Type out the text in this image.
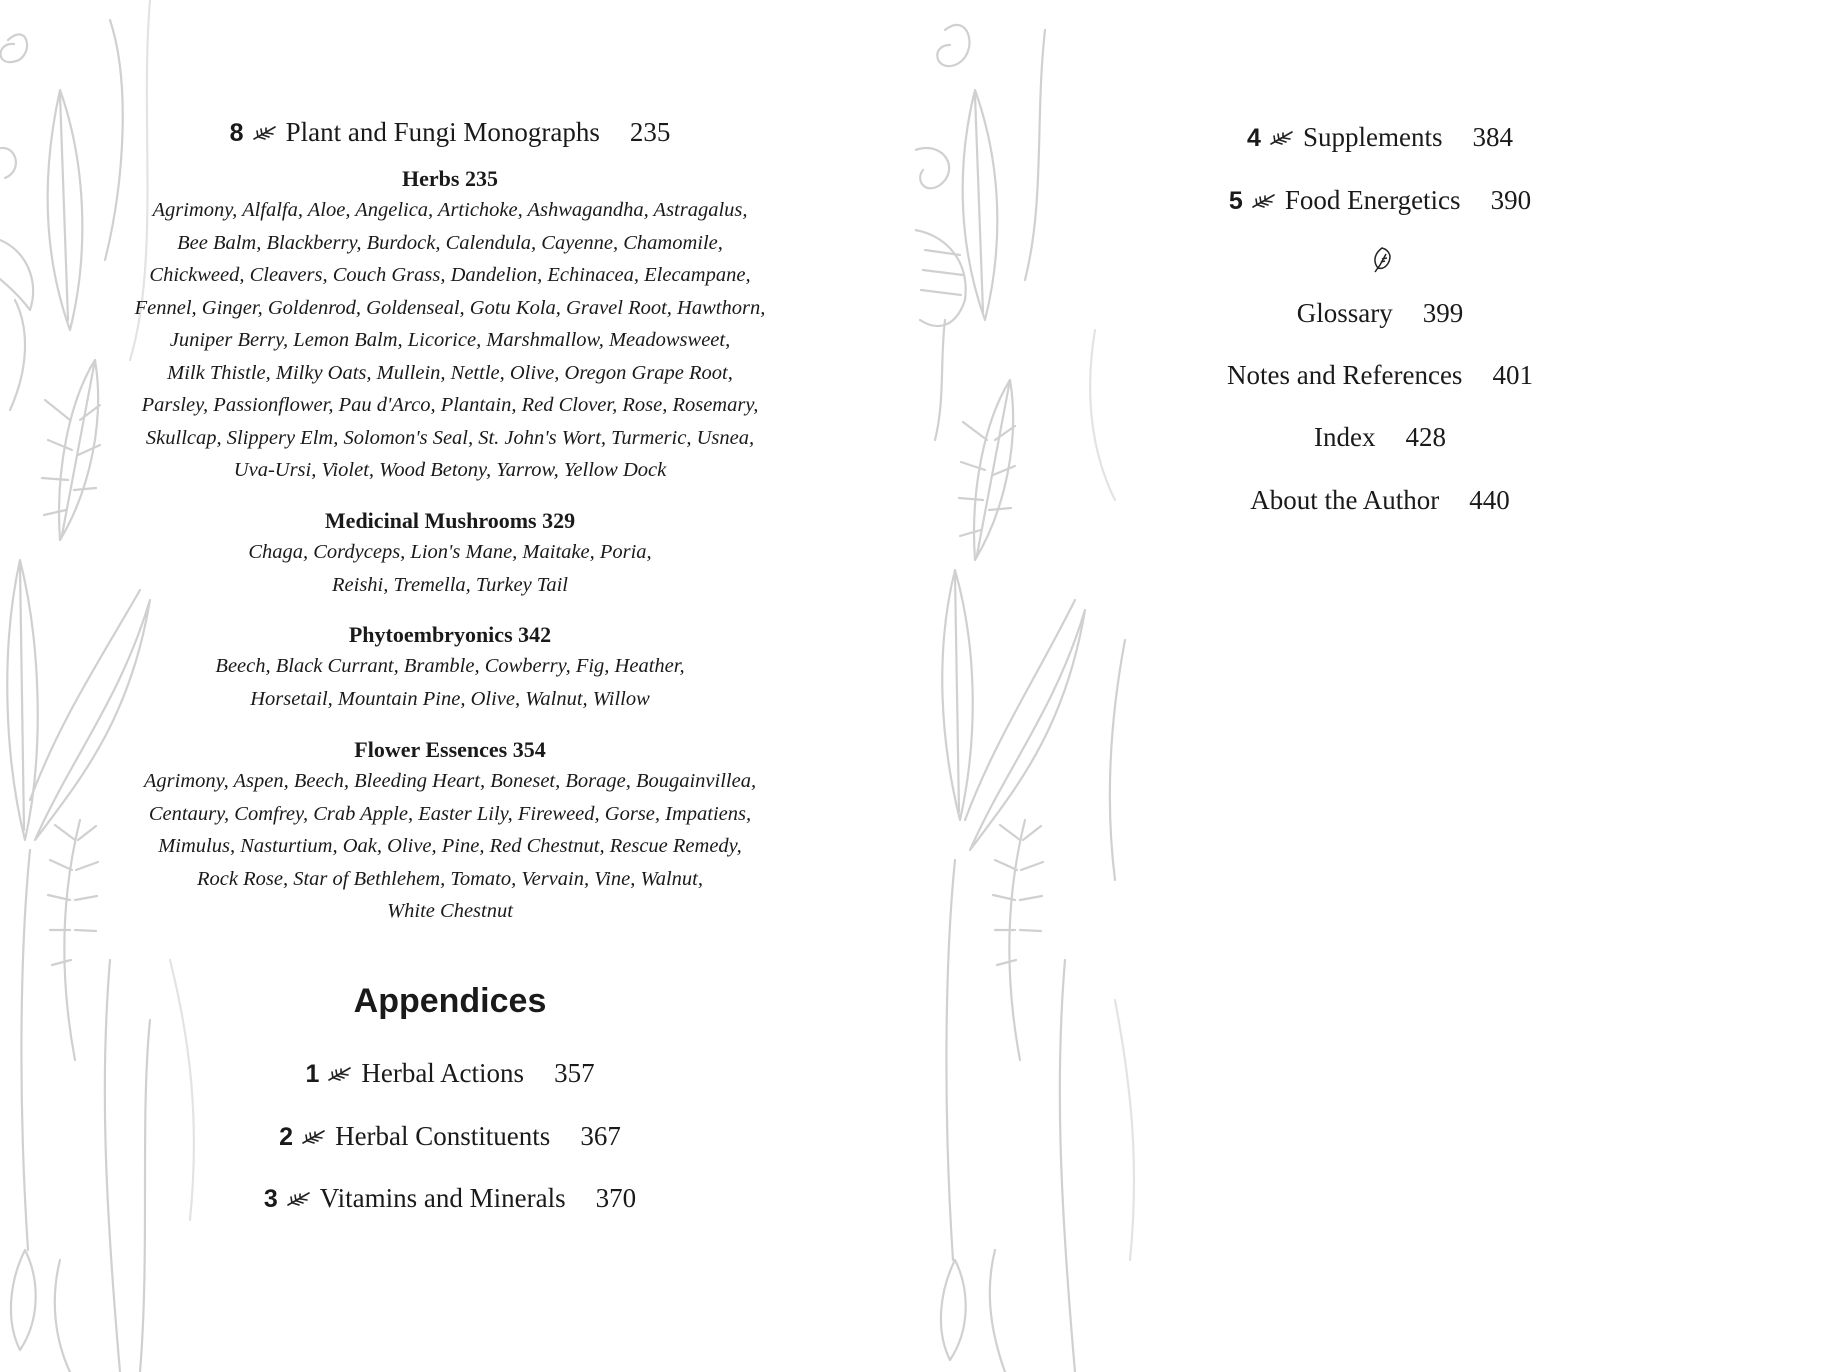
8 Plant and Fungi Monographs 235
Herbs 235

Agrimony, Alfalfa, Aloe, Angelica, Artichoke, Ashwagandha, Astragalus,

Bee Balm, Blackberry, Burdock, Calendula, Cayenne, Chamomile,

Chickweed, Cleavers, Couch Grass, Dandelion, Echinacea, Elecampane,

Fennel, Ginger, Goldenrod, Goldenseal, Gotu Kola, Gravel Root, Hawthorn,

Juniper Berry, Lemon Balm, Licorice, Marshmallow, Meadowsweet,

Milk Thistle, Milky Oats, Mullein, Nettle, Olive, Oregon Grape Root,

Parsley, Passionflower, Pau d'Arco, Plantain, Red Clover, Rose, Rosemary,

Skullcap, Slippery Elm, Solomon's Seal, St. John's Wort, Turmeric, Usnea,

Uva-Ursi, Violet, Wood Betony, Yarrow, Yellow Dock

Medicinal Mushrooms 329

Chaga, Cordyceps, Lion's Mane, Maitake, Poria,

Reishi, Tremella, Turkey Tail

Phytoembryonics 342

Beech, Black Currant, Bramble, Cowberry, Fig, Heather,

Horsetail, Mountain Pine, Olive, Walnut, Willow

Flower Essences 354

Agrimony, Aspen, Beech, Bleeding Heart, Boneset, Borage, Bougainvillea,

Centaury, Comfrey, Crab Apple, Easter Lily, Fireweed, Gorse, Impatiens,

Mimulus, Nasturtium, Oak, Olive, Pine, Red Chestnut, Rescue Remedy,

Rock Rose, Star of Bethlehem, Tomato, Vervain, Vine, Walnut,

White Chestnut

Appendices
1 Herbal Actions 357
2 Herbal Constituents 367
3 Vitamins and Minerals 370
4 Supplements 384
5 Food Energetics 390
Glossary 399
Notes and References 401
Index 428
About the Author 440
